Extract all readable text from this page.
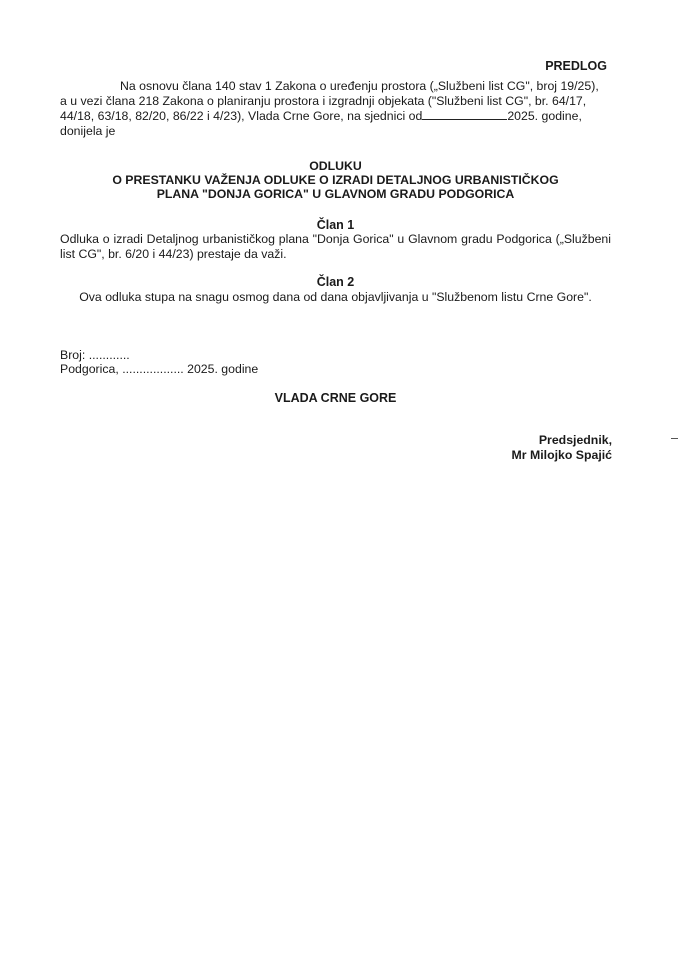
PREDLOG

Na osnovu člana 140 stav 1 Zakona o uređenju prostora („Službeni list CG", broj 19/25),

a u vezi člana 218 Zakona o planiranju prostora i izgradnji objekata ("Službeni list CG", br. 64/17,

44/18, 63/18, 82/20, 86/22 i 4/23), Vlada Crne Gore, na sjednici od	2025. godine,

donijela je

ODLUKU
O PRESTANKU VAŽENJA ODLUKE O IZRADI DETALJNOG URBANISTIČKOG
PLANA "DONJA GORICA" U GLAVNOM GRADU PODGORICA
Član 1
Odluka o izradi Detaljnog urbanističkog plana "Donja Gorica" u Glavnom gradu Podgorica („Službeni list CG", br. 6/20 i 44/23) prestaje da važi.
Član 2
Ova odluka stupa na snagu osmog dana od dana objavljivanja u "Službenom listu Crne Gore".
Broj: ............
Podgorica, .................. 2025. godine
VLADA CRNE GORE
Predsjednik,
Mr Milojko Spajić
